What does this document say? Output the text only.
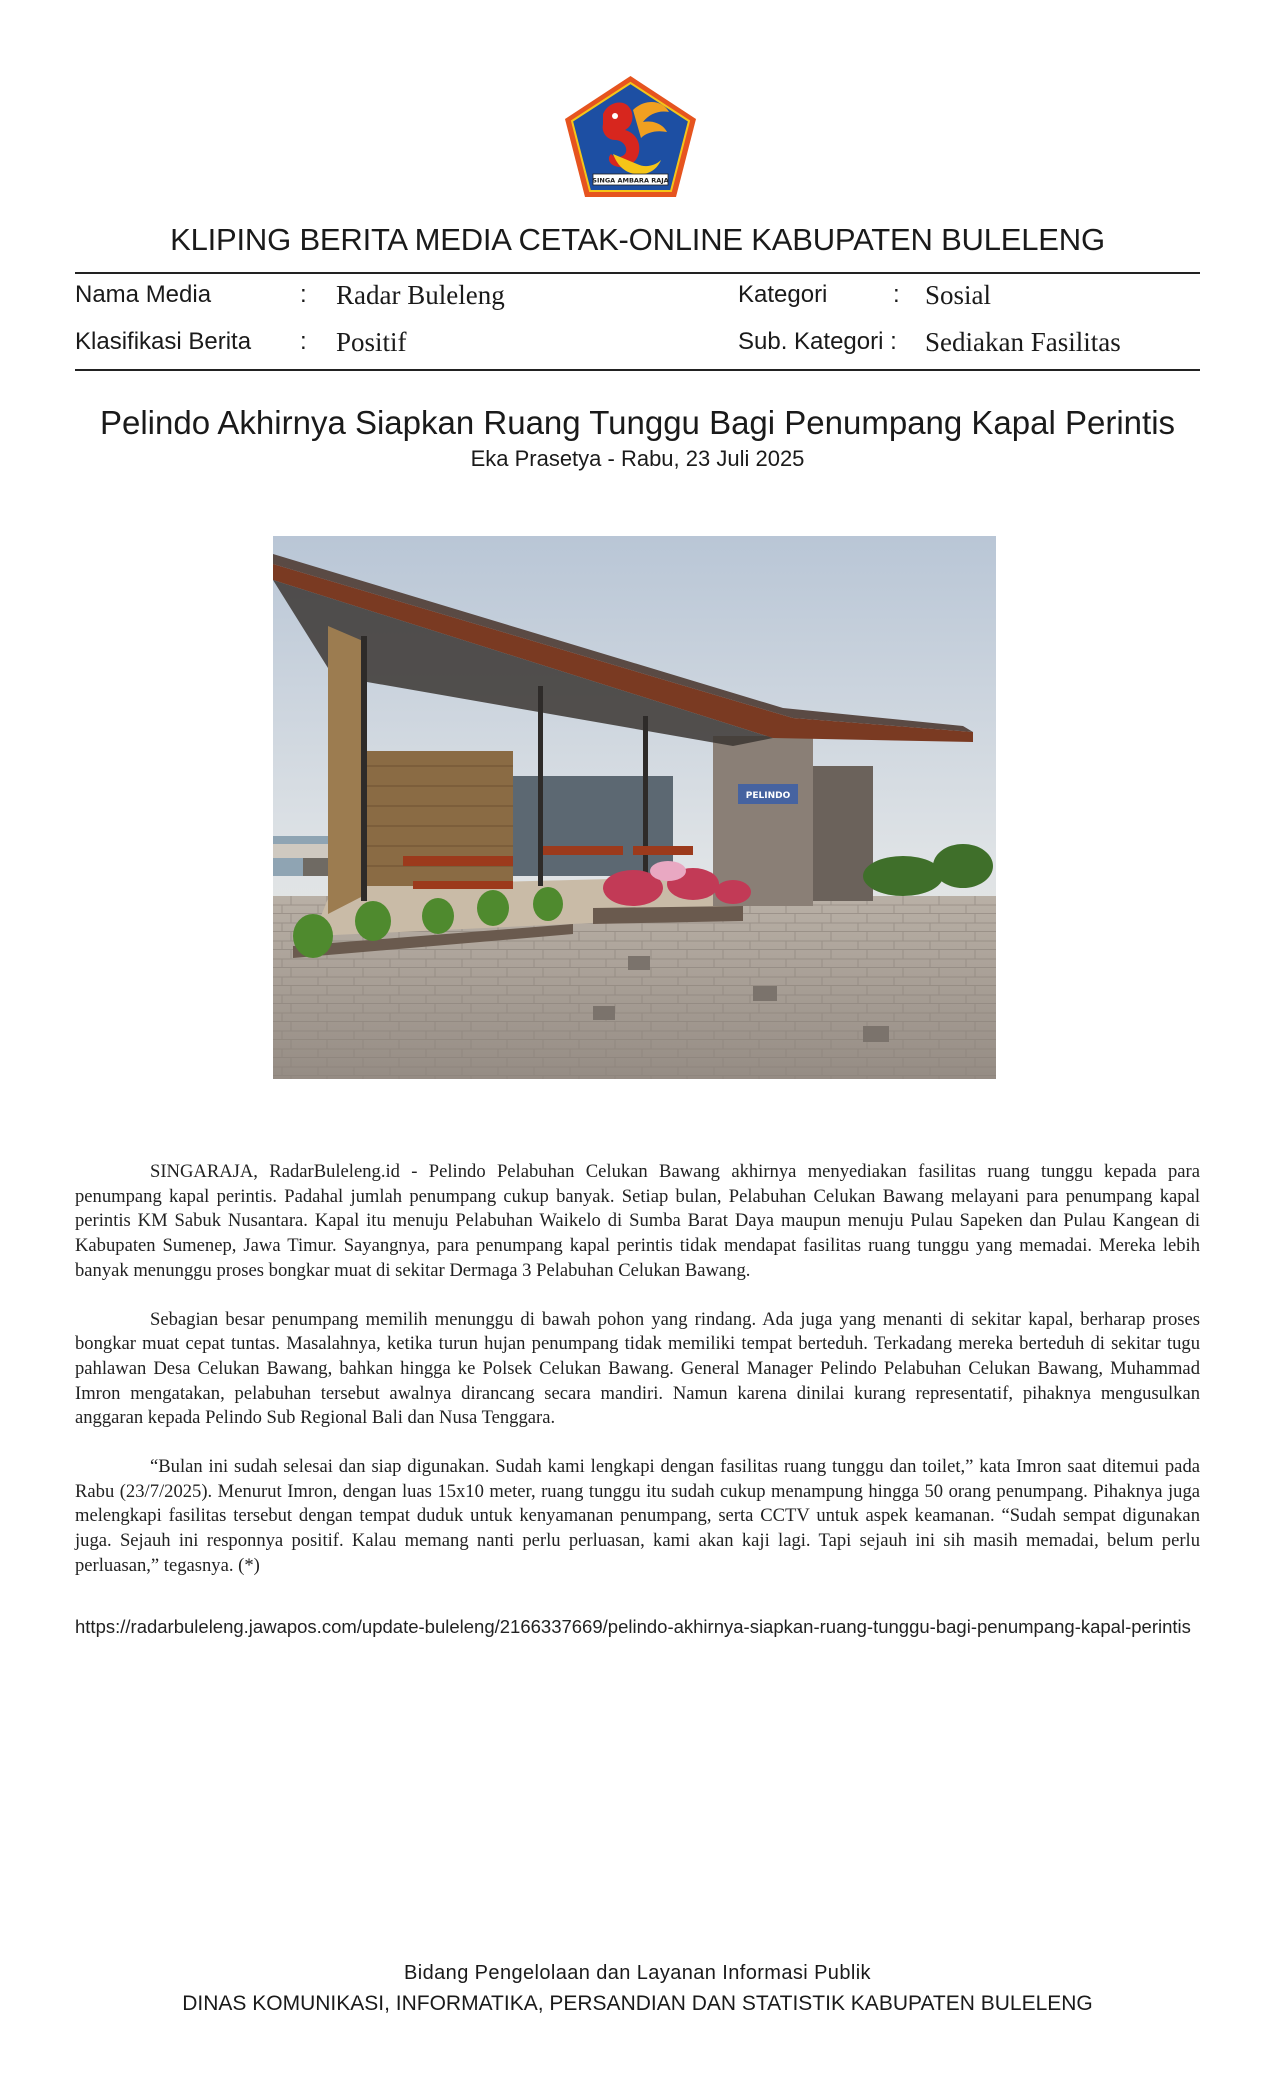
SINGA AMBARA RAJA
KLIPING BERITA MEDIA CETAK-ONLINE KABUPATEN BULELENG
Nama Media	: Radar Buleleng	Kategori	: Sosial
Klasifikasi Berita : Positif	Sub. Kategori : Sediakan Fasilitas
Pelindo Akhirnya Siapkan Ruang Tunggu Bagi Penumpang Kapal Perintis
Eka Prasetya - Rabu, 23 Juli 2025
PELINDO

SINGARAJA, RadarBuleleng.id - Pelindo Pelabuhan Celukan Bawang akhirnya menyediakan fasilitas ruang tunggu kepada para penumpang kapal perintis. Padahal jumlah penumpang cukup banyak. Setiap bulan, Pelabuhan Celukan Bawang melayani para penumpang kapal perintis KM Sabuk Nusantara. Kapal itu menuju Pelabuhan Waikelo di Sumba Barat Daya maupun menuju Pulau Sapeken dan Pulau Kangean di Kabupaten Sumenep, Jawa Timur. Sayangnya, para penumpang kapal perintis tidak mendapat fasilitas ruang tunggu yang memadai. Mereka lebih banyak menunggu proses bongkar muat di sekitar Dermaga 3 Pelabuhan Celukan Bawang.

Sebagian besar penumpang memilih menunggu di bawah pohon yang rindang. Ada juga yang menanti di sekitar kapal, berharap proses bongkar muat cepat tuntas. Masalahnya, ketika turun hujan penumpang tidak memiliki tempat berteduh. Terkadang mereka berteduh di sekitar tugu pahlawan Desa Celukan Bawang, bahkan hingga ke Polsek Celukan Bawang. General Manager Pelindo Pelabuhan Celukan Bawang, Muhammad Imron mengatakan, pelabuhan tersebut awalnya dirancang secara mandiri. Namun karena dinilai kurang representatif, pihaknya mengusulkan anggaran kepada Pelindo Sub Regional Bali dan Nusa Tenggara.

“Bulan ini sudah selesai dan siap digunakan. Sudah kami lengkapi dengan fasilitas ruang tunggu dan toilet,” kata Imron saat ditemui pada Rabu (23/7/2025). Menurut Imron, dengan luas 15x10 meter, ruang tunggu itu sudah cukup menampung hingga 50 orang penumpang. Pihaknya juga melengkapi fasilitas tersebut dengan tempat duduk untuk kenyamanan penumpang, serta CCTV untuk aspek keamanan. “Sudah sempat digunakan juga. Sejauh ini responnya positif. Kalau memang nanti perlu perluasan, kami akan kaji lagi. Tapi sejauh ini sih masih memadai, belum perlu perluasan,” tegasnya. (*)

https://radarbuleleng.jawapos.com/update-buleleng/2166337669/pelindo-akhirnya-siapkan-ruang-tunggu-bagi-penumpang-kapal-perintis
Bidang Pengelolaan dan Layanan Informasi Publik
DINAS KOMUNIKASI, INFORMATIKA, PERSANDIAN DAN STATISTIK KABUPATEN BULELENG
